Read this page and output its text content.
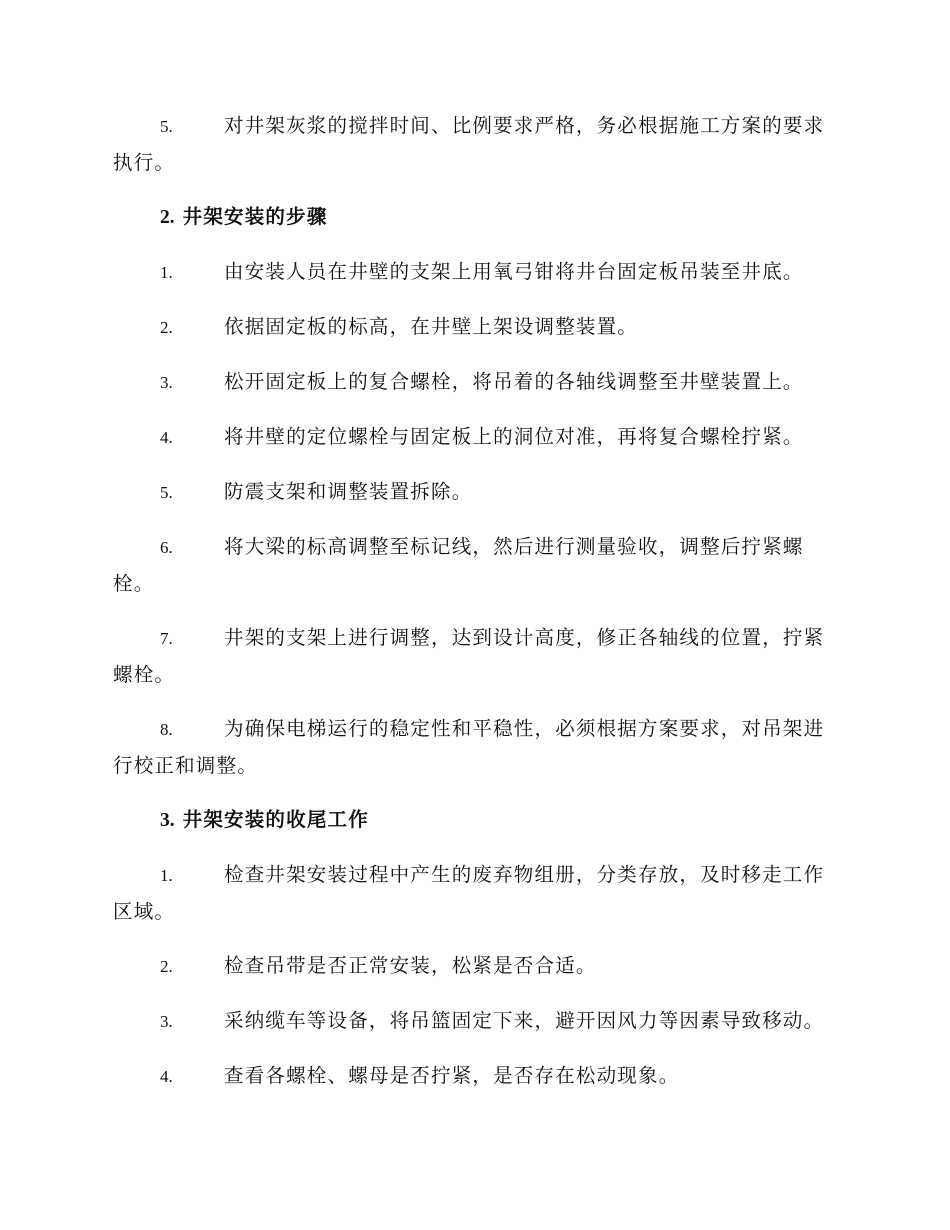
5.	对井架灰浆的搅拌时间、比例要求严格，务必根据施工方案的要求执行。

2. 井架安装的步骤

1.	由安装人员在井壁的支架上用氧弓钳将井台固定板吊装至井底。

2.	依据固定板的标高，在井壁上架设调整装置。

3.	松开固定板上的复合螺栓，将吊着的各轴线调整至井壁装置上。

4.	将井壁的定位螺栓与固定板上的洞位对准，再将复合螺栓拧紧。

5.	防震支架和调整装置拆除。

6.	将大梁的标高调整至标记线，然后进行测量验收，调整后拧紧螺栓。

7.	井架的支架上进行调整，达到设计高度，修正各轴线的位置，拧紧螺栓。

8.	为确保电梯运行的稳定性和平稳性，必须根据方案要求，对吊架进行校正和调整。

3. 井架安装的收尾工作

1.	检查井架安装过程中产生的废弃物组册，分类存放，及时移走工作区域。

2.	检查吊带是否正常安装，松紧是否合适。

3.	采纳缆车等设备，将吊篮固定下来，避开因风力等因素导致移动。

4.	查看各螺栓、螺母是否拧紧，是否存在松动现象。
